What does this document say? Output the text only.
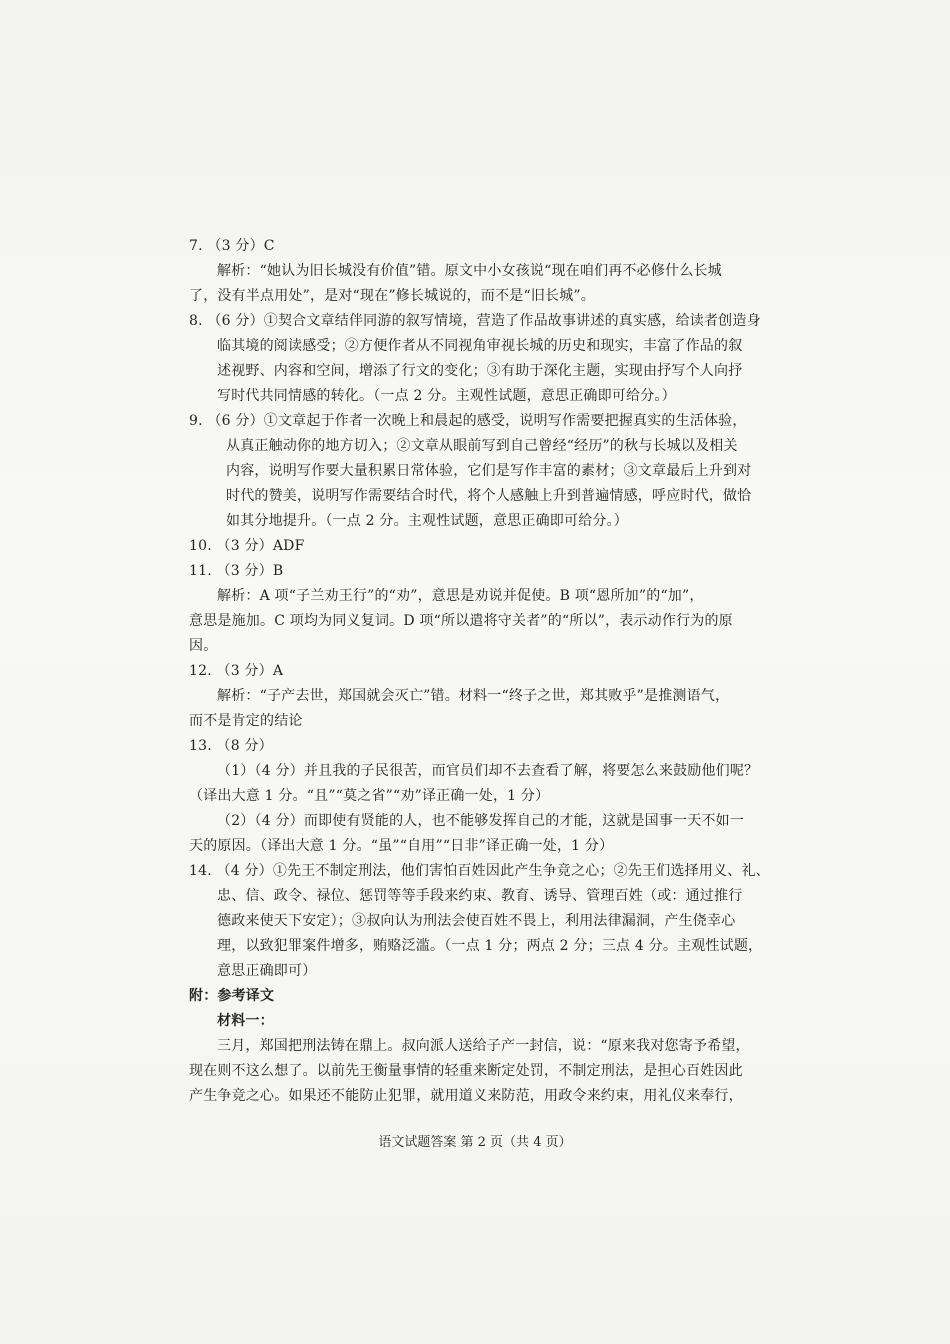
7. （3 分）C
解析：“她认为旧长城没有价值”错。原文中小女孩说“现在咱们再不必修什么长城
了，没有半点用处”，是对“现在”修长城说的，而不是“旧长城”。
8. （6 分）①契合文章结伴同游的叙写情境，营造了作品故事讲述的真实感，给读者创造身
临其境的阅读感受；②方便作者从不同视角审视长城的历史和现实，丰富了作品的叙
述视野、内容和空间，增添了行文的变化；③有助于深化主题，实现由抒写个人向抒
写时代共同情感的转化。（一点 2 分。主观性试题，意思正确即可给分。）
9. （6 分）①文章起于作者一次晚上和晨起的感受，说明写作需要把握真实的生活体验，
从真正触动你的地方切入；②文章从眼前写到自己曾经“经历”的秋与长城以及相关
内容，说明写作要大量积累日常体验，它们是写作丰富的素材；③文章最后上升到对
时代的赞美，说明写作需要结合时代，将个人感触上升到普遍情感，呼应时代，做恰
如其分地提升。（一点 2 分。主观性试题，意思正确即可给分。）
10. （3 分）ADF
11. （3 分）B
解析：A 项“子兰劝王行”的“劝”，意思是劝说并促使。B 项“恩所加”的“加”，
意思是施加。C 项均为同义复词。D 项“所以遣将守关者”的“所以”，表示动作行为的原
因。
12. （3 分）A
解析：“子产去世，郑国就会灭亡”错。材料一“终子之世，郑其败乎”是推测语气，
而不是肯定的结论
13. （8 分）
（1）（4 分）并且我的子民很苦，而官员们却不去查看了解，将要怎么来鼓励他们呢？
（译出大意 1 分。“且”“莫之省”“劝”译正确一处，1 分）
（2）（4 分）而即使有贤能的人，也不能够发挥自己的才能，这就是国事一天不如一
天的原因。（译出大意 1 分。“虽”“自用”“日非”译正确一处，1 分）
14. （4 分）①先王不制定刑法，他们害怕百姓因此产生争竞之心；②先王们选择用义、礼、
忠、信、政令、禄位、惩罚等等手段来约束、教育、诱导、管理百姓（或：通过推行
德政来使天下安定）；③叔向认为刑法会使百姓不畏上，利用法律漏洞，产生侥幸心
理，以致犯罪案件增多，贿赂泛滥。（一点 1 分；两点 2 分；三点 4 分。主观性试题，
意思正确即可）
附：参考译文
材料一：
三月，郑国把刑法铸在鼎上。叔向派人送给子产一封信，说：“原来我对您寄予希望，
现在则不这么想了。以前先王衡量事情的轻重来断定处罚，不制定刑法，是担心百姓因此
产生争竞之心。如果还不能防止犯罪，就用道义来防范，用政令来约束，用礼仪来奉行，
语文试题答案 第 2 页（共 4 页）
